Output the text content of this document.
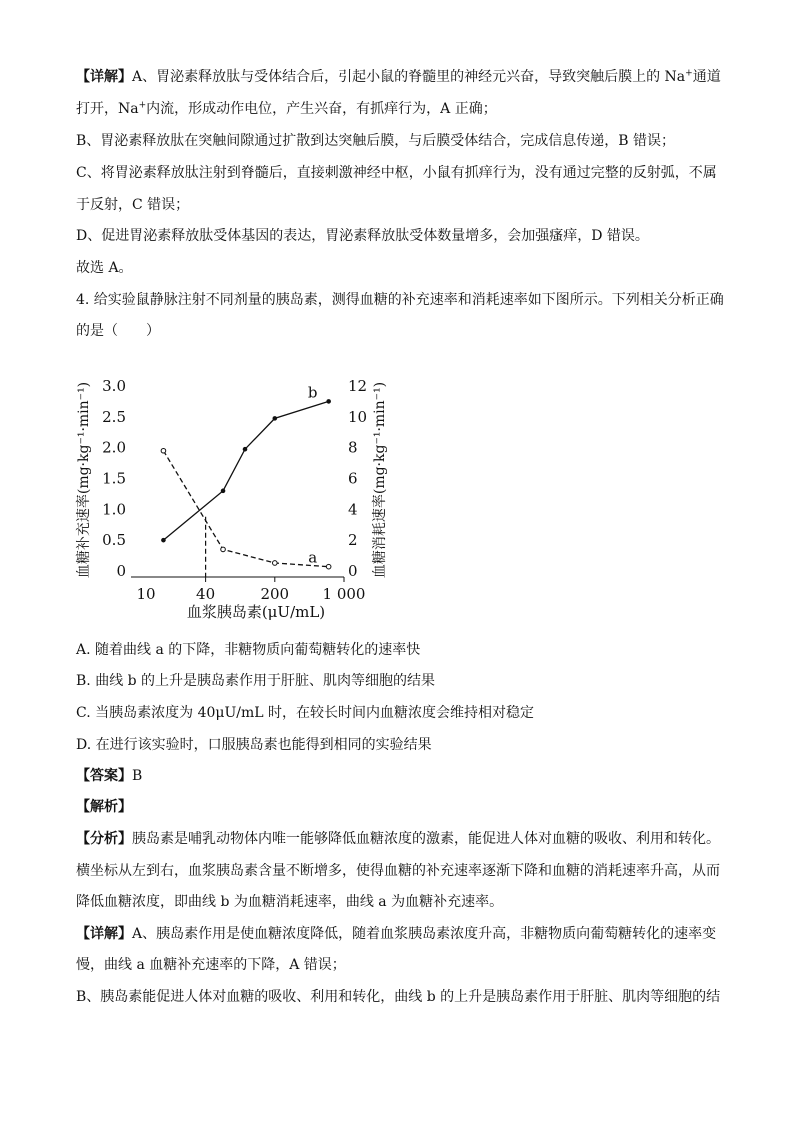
【详解】A、胃泌素释放肽与受体结合后，引起小鼠的脊髓里的神经元兴奋，导致突触后膜上的 Na+通道
打开，Na+内流，形成动作电位，产生兴奋，有抓痒行为，A 正确；
B、胃泌素释放肽在突触间隙通过扩散到达突触后膜，与后膜受体结合，完成信息传递，B 错误；
C、将胃泌素释放肽注射到脊髓后，直接刺激神经中枢，小鼠有抓痒行为，没有通过完整的反射弧，不属
于反射，C 错误；
D、促进胃泌素释放肽受体基因的表达，胃泌素释放肽受体数量增多，会加强瘙痒，D 错误。
故选 A。
4. 给实验鼠静脉注射不同剂量的胰岛素，测得血糖的补充速率和消耗速率如下图所示。下列相关分析正确
的是（　　）
血糖补充速率(mg·kg⁻¹·min⁻¹)	血糖消耗速率(mg·kg⁻¹·min⁻¹)
血浆胰岛素(μU/mL)
0
0.5
1.0
1.5
2.0
2.5
3.0
0
2
4
6
8
10
12
10	40	200 1 000
a
b
A. 随着曲线 a 的下降，非糖物质向葡萄糖转化的速率快
B. 曲线 b 的上升是胰岛素作用于肝脏、肌肉等细胞的结果
C. 当胰岛素浓度为 40μU/mL 时，在较长时间内血糖浓度会维持相对稳定
D. 在进行该实验时，口服胰岛素也能得到相同的实验结果
【答案】B
【解析】
【分析】胰岛素是哺乳动物体内唯一能够降低血糖浓度的激素，能促进人体对血糖的吸收、利用和转化。
横坐标从左到右，血浆胰岛素含量不断增多，使得血糖的补充速率逐渐下降和血糖的消耗速率升高，从而
降低血糖浓度，即曲线 b 为血糖消耗速率，曲线 a 为血糖补充速率。
【详解】A、胰岛素作用是使血糖浓度降低，随着血浆胰岛素浓度升高，非糖物质向葡萄糖转化的速率变
慢，曲线 a 血糖补充速率的下降，A 错误；
B、胰岛素能促进人体对血糖的吸收、利用和转化，曲线 b 的上升是胰岛素作用于肝脏、肌肉等细胞的结
